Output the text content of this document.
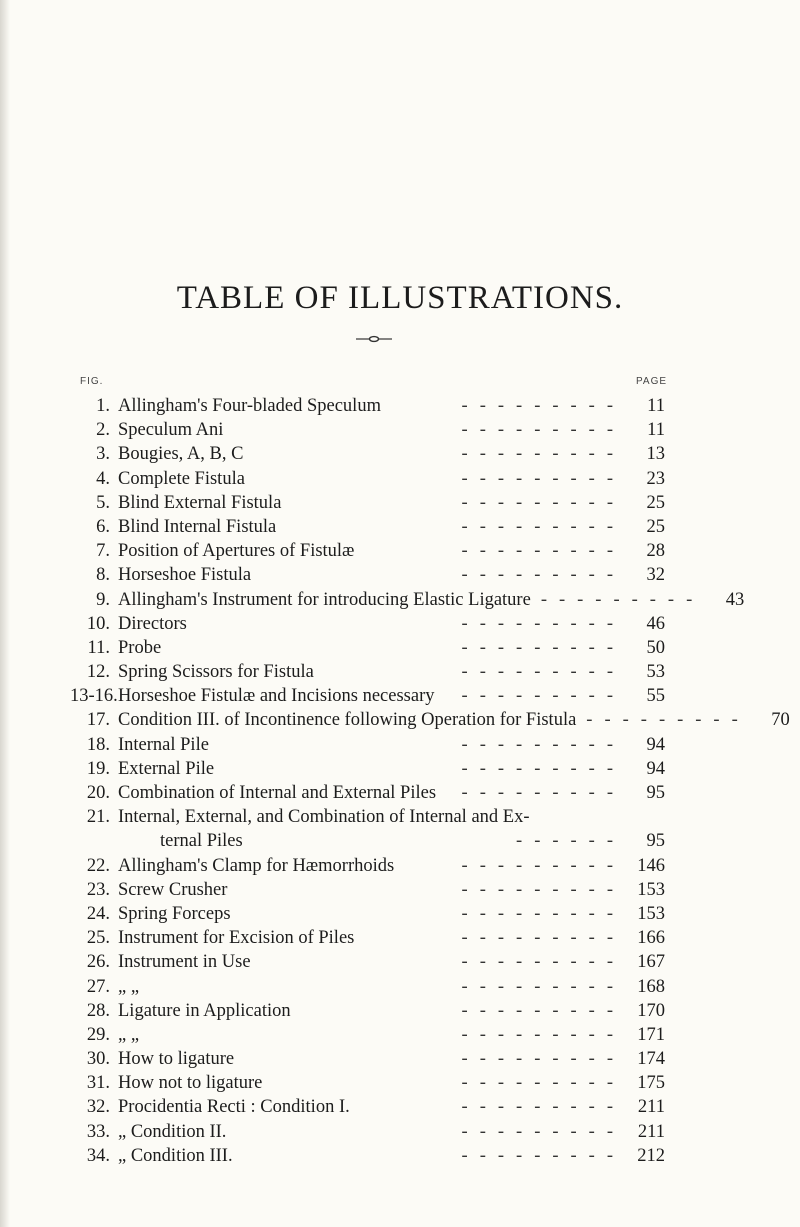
TABLE OF ILLUSTRATIONS.
FIG.	PAGE
1. Allingham's Four-bladed Speculum	---------	11
2. Speculum Ani	---------	11
3. Bougies, A, B, C	---------	13
4. Complete Fistula	---------	23
5. Blind External Fistula	---------	25
6. Blind Internal Fistula	---------	25
7. Position of Apertures of Fistulæ	---------	28
8. Horseshoe Fistula	---------	32
9. Allingham's Instrument for introducing Elastic Ligature ---------	43
10. Directors	---------	46
11. Probe	---------	50
12. Spring Scissors for Fistula	---------	53
13-16. Horseshoe Fistulæ and Incisions necessary	---------	55
17. Condition III. of Incontinence following Operation for Fistula ---------	70
18. Internal Pile	---------	94
19. External Pile	---------	94
20. Combination of Internal and External Piles	---------	95
21. Internal, External, and Combination of Internal and Ex-
ternal Piles	------	95
22. Allingham's Clamp for Hæmorrhoids	--------- 146
23. Screw Crusher	--------- 153
24. Spring Forceps	--------- 153
25. Instrument for Excision of Piles	--------- 166
26. Instrument in Use	--------- 167
27. „ „	--------- 168
28. Ligature in Application	--------- 170
29. „ „	--------- 171
30. How to ligature	--------- 174
31. How not to ligature	--------- 175
32. Procidentia Recti : Condition I.	--------- 211
33. „ Condition II.	--------- 211
34. „ Condition III.	--------- 212
